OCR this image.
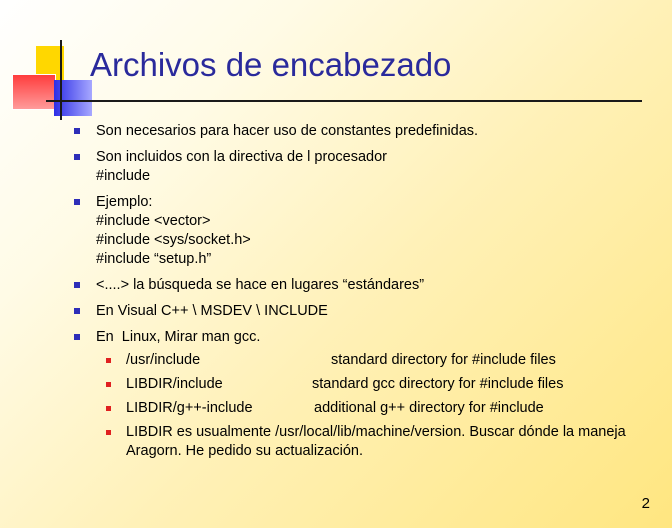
Archivos de encabezado
Son necesarios para hacer uso de constantes predefinidas.
Son incluidos con la directiva de l procesador
#include
Ejemplo:
#include <vector>
#include <sys/socket.h>
#include “setup.h”
<....> la búsqueda se hace en lugares “estándares”
En Visual C++ \ MSDEV \ INCLUDE
En  Linux, Mirar man gcc.
/usr/include	standard directory for #include files
LIBDIR/include	standard gcc directory for #include files
LIBDIR/g++-include	additional g++ directory for #include
LIBDIR es usualmente /usr/local/lib/machine/version. Buscar dónde la maneja Aragorn. He pedido su actualización.
2
